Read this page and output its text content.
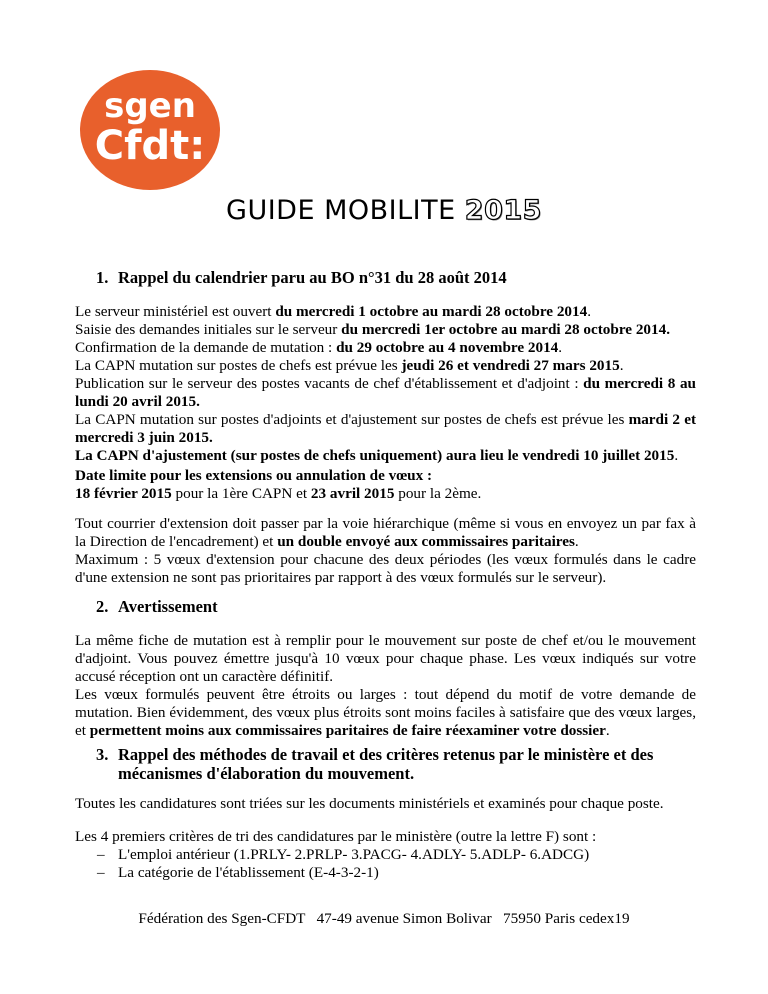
sgen
Cfdt:
GUIDE MOBILITE 2015
1. Rappel du calendrier paru au BO n°31 du 28 août 2014

Le serveur ministériel est ouvert du mercredi 1 octobre au mardi 28 octobre 2014.

Saisie des demandes initiales sur le serveur du mercredi 1er octobre au mardi 28 octobre 2014.

Confirmation de la demande de mutation : du 29 octobre au 4 novembre 2014.

La CAPN mutation sur postes de chefs est prévue les jeudi 26 et vendredi 27 mars 2015.

Publication sur le serveur des postes vacants de chef d'établissement et d'adjoint : du mercredi 8 au lundi 20 avril 2015.

La CAPN mutation sur postes d'adjoints et d'ajustement sur postes de chefs est prévue les mardi 2 et mercredi 3 juin 2015.

La CAPN d'ajustement (sur postes de chefs uniquement) aura lieu le vendredi 10 juillet 2015.

Date limite pour les extensions ou annulation de vœux :

18 février 2015 pour la 1ère CAPN et 23 avril 2015 pour la 2ème.

Tout courrier d'extension doit passer par la voie hiérarchique (même si vous en envoyez un par fax à la Direction de l'encadrement) et un double envoyé aux commissaires paritaires.

Maximum : 5 vœux d'extension pour chacune des deux périodes (les vœux formulés dans le cadre d'une extension ne sont pas prioritaires par rapport à des vœux formulés sur le serveur).

2. Avertissement

La même fiche de mutation est à remplir pour le mouvement sur poste de chef et/ou le mouvement d'adjoint. Vous pouvez émettre jusqu'à 10 vœux pour chaque phase. Les vœux indiqués sur votre accusé réception ont un caractère définitif.

Les vœux formulés peuvent être étroits ou larges : tout dépend du motif de votre demande de mutation. Bien évidemment, des vœux plus étroits sont moins faciles à satisfaire que des vœux larges, et permettent moins aux commissaires paritaires de faire réexaminer votre dossier.

3. Rappel des méthodes de travail et des critères retenus par le ministère et des mécanismes d'élaboration du mouvement.

Toutes les candidatures sont triées sur les documents ministériels et examinés pour chaque poste.

Les 4 premiers critères de tri des candidatures par le ministère (outre la lettre F) sont :

– L'emploi antérieur (1.PRLY- 2.PRLP- 3.PACG- 4.ADLY- 5.ADLP- 6.ADCG)
– La catégorie de l'établissement (E-4-3-2-1)
Fédération des Sgen-CFDT   47-49 avenue Simon Bolivar   75950 Paris cedex19
